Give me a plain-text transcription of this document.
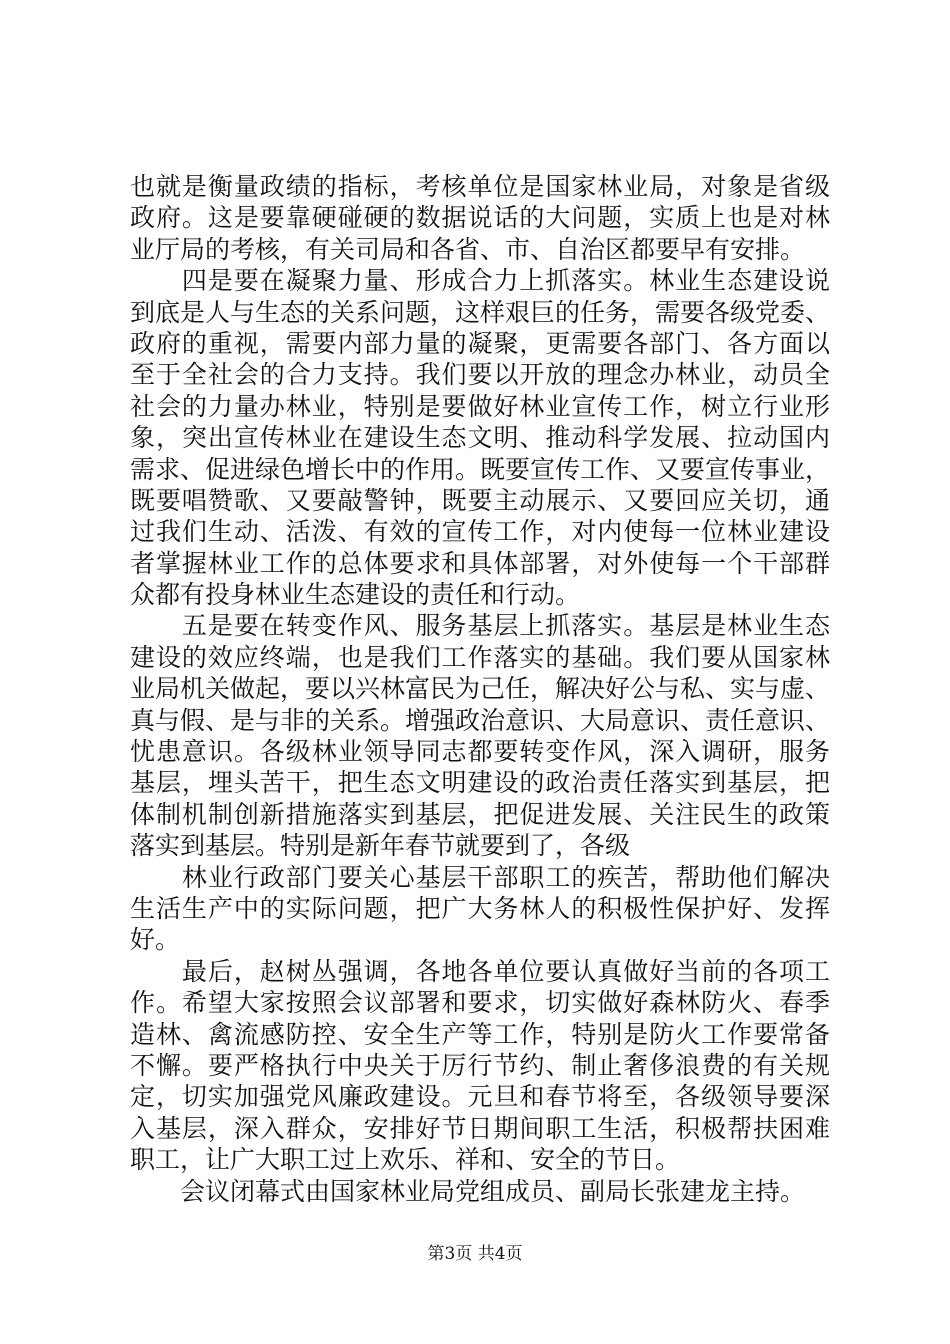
也就是衡量政绩的指标，考核单位是国家林业局，对象是省级
政府。这是要靠硬碰硬的数据说话的大问题，实质上也是对林
业厅局的考核，有关司局和各省、市、自治区都要早有安排。
　　四是要在凝聚力量、形成合力上抓落实。林业生态建设说
到底是人与生态的关系问题，这样艰巨的任务，需要各级党委、
政府的重视，需要内部力量的凝聚，更需要各部门、各方面以
至于全社会的合力支持。我们要以开放的理念办林业，动员全
社会的力量办林业，特别是要做好林业宣传工作，树立行业形
象，突出宣传林业在建设生态文明、推动科学发展、拉动国内
需求、促进绿色增长中的作用。既要宣传工作、又要宣传事业，
既要唱赞歌、又要敲警钟，既要主动展示、又要回应关切，通
过我们生动、活泼、有效的宣传工作，对内使每一位林业建设
者掌握林业工作的总体要求和具体部署，对外使每一个干部群
众都有投身林业生态建设的责任和行动。
　　五是要在转变作风、服务基层上抓落实。基层是林业生态
建设的效应终端，也是我们工作落实的基础。我们要从国家林
业局机关做起，要以兴林富民为己任，解决好公与私、实与虚、
真与假、是与非的关系。增强政治意识、大局意识、责任意识、
忧患意识。各级林业领导同志都要转变作风，深入调研，服务
基层，埋头苦干，把生态文明建设的政治责任落实到基层，把
体制机制创新措施落实到基层，把促进发展、关注民生的政策
落实到基层。特别是新年春节就要到了，各级
　　林业行政部门要关心基层干部职工的疾苦，帮助他们解决
生活生产中的实际问题，把广大务林人的积极性保护好、发挥
好。
　　最后，赵树丛强调，各地各单位要认真做好当前的各项工
作。希望大家按照会议部署和要求，切实做好森林防火、春季
造林、禽流感防控、安全生产等工作，特别是防火工作要常备
不懈。要严格执行中央关于厉行节约、制止奢侈浪费的有关规
定，切实加强党风廉政建设。元旦和春节将至，各级领导要深
入基层，深入群众，安排好节日期间职工生活，积极帮扶困难
职工，让广大职工过上欢乐、祥和、安全的节日。
　　会议闭幕式由国家林业局党组成员、副局长张建龙主持。
第3页 共4页
